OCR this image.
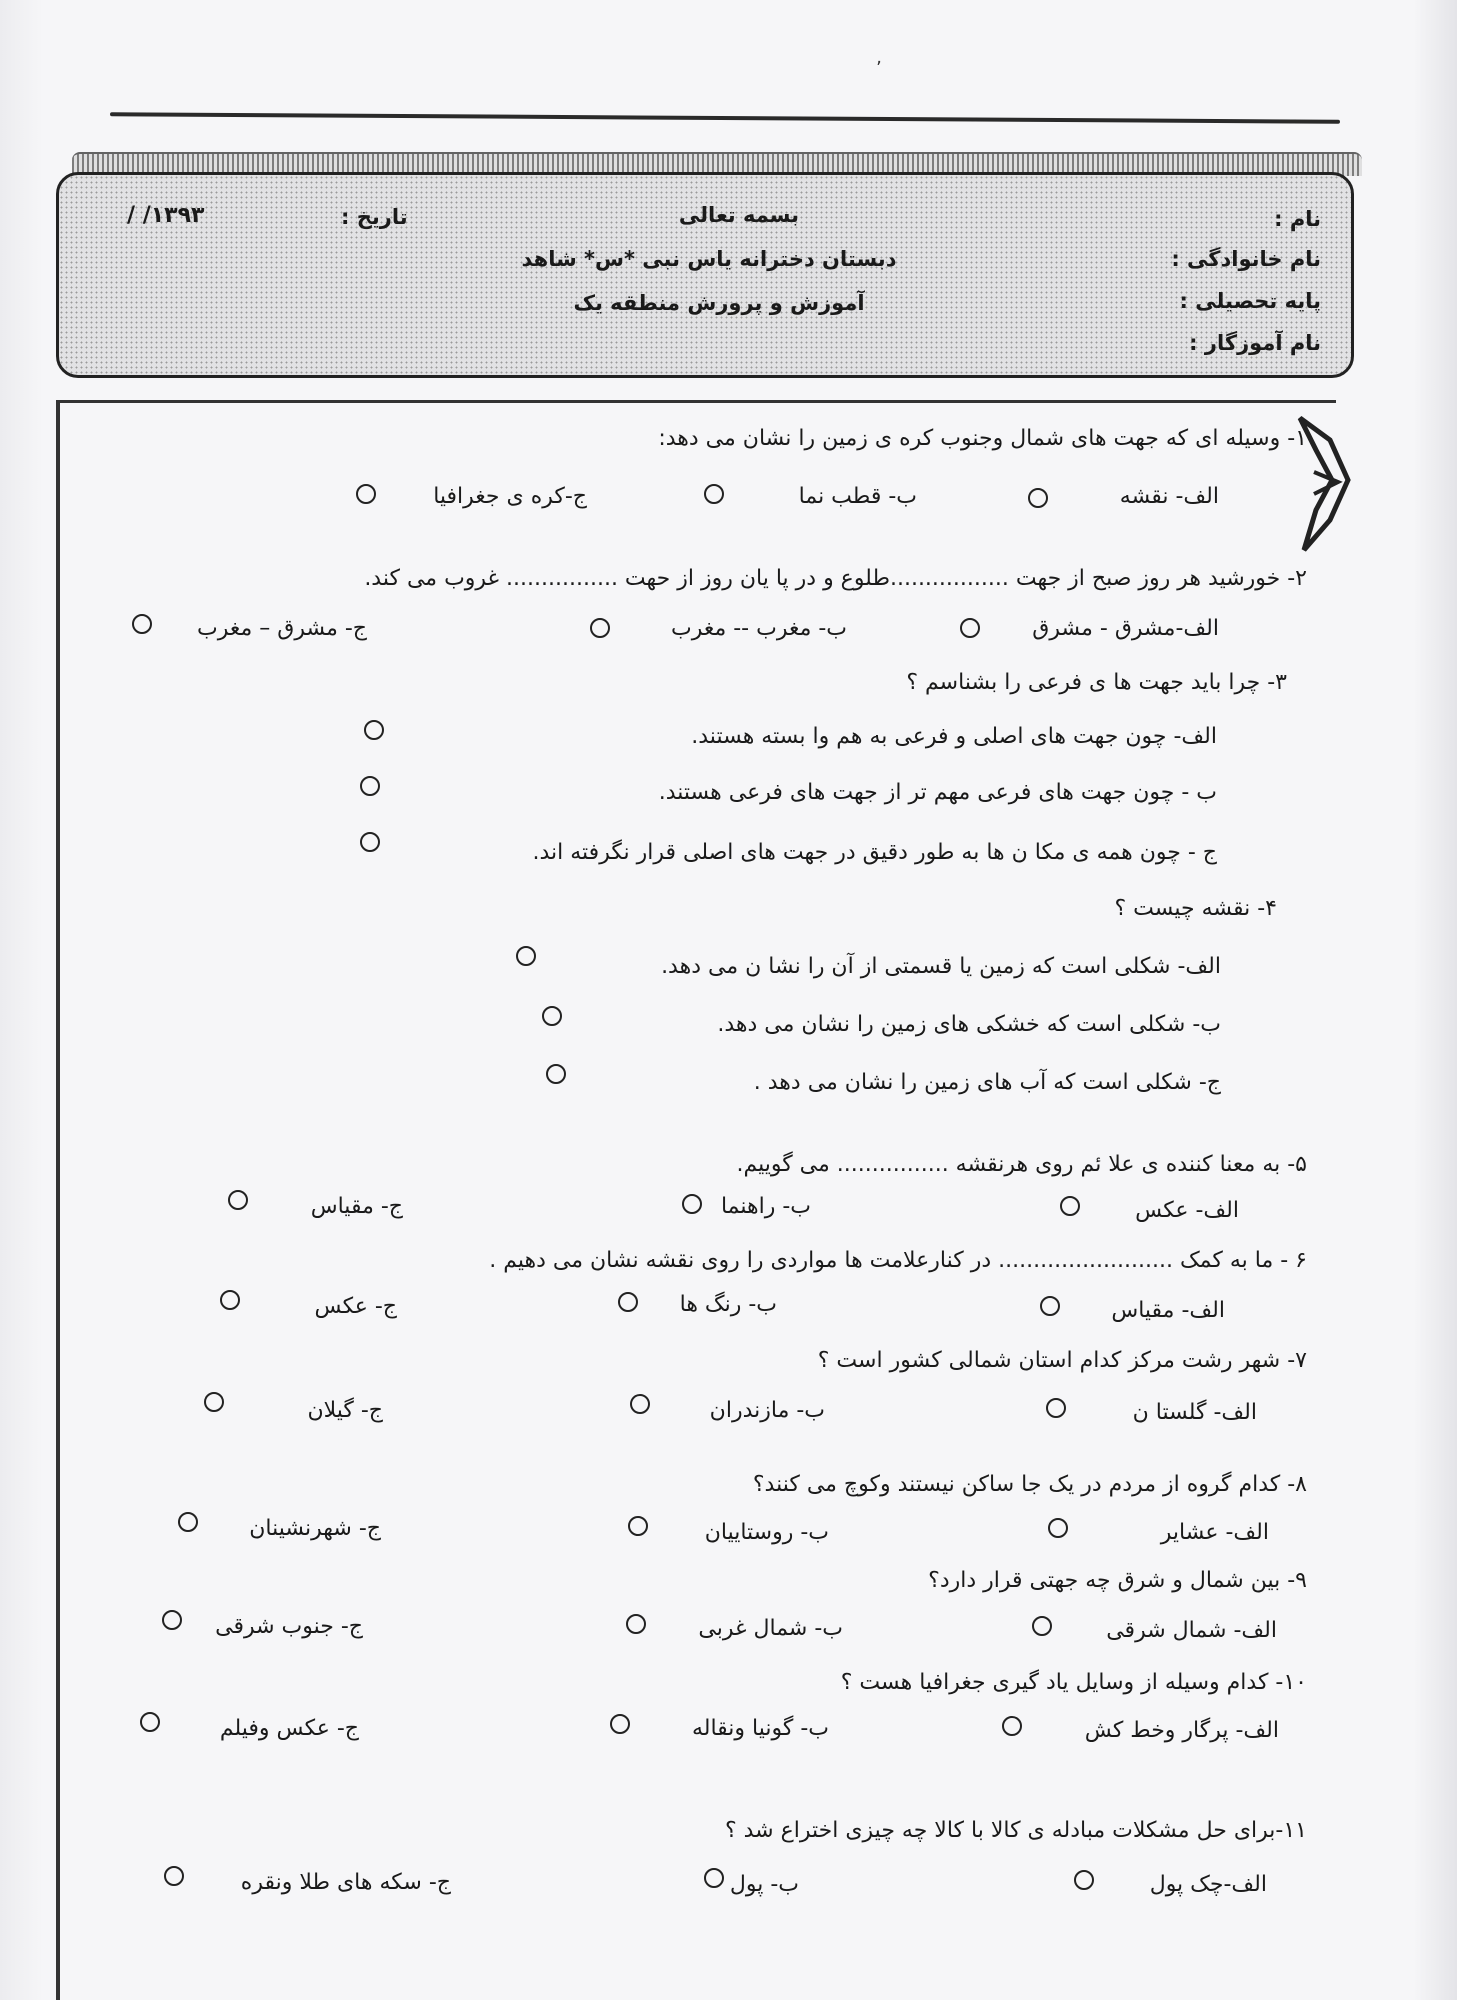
ʼ
نام :
نام خانوادگی :
پایه تحصیلی :
نام آموزگار :
بسمه تعالی
دبستان دخترانه یاس نبی *س* شاهد
آموزش و پرورش منطقه یک
تاریخ :
/ /۱۳۹۳
۱- وسیله ای که جهت های شمال وجنوب کره ی زمین را نشان می دهد:
الف- نقشه
ب- قطب نما
ج-کره ی جغرافیا
۲- خورشید هر روز صبح از جهت .................طلوع و در پا یان روز از حهت ................ غروب می کند.
الف-مشرق - مشرق
ب- مغرب -- مغرب
ج- مشرق – مغرب
۳- چرا باید جهت ها ی فرعی را بشناسم ؟
الف- چون جهت های اصلی و فرعی به هم وا بسته هستند.
ب - چون جهت های فرعی مهم تر از جهت های فرعی هستند.
ج - چون همه ی مکا ن ها به طور دقیق در جهت های اصلی قرار نگرفته اند.
۴- نقشه چیست ؟
الف- شکلی است که زمین یا قسمتی از آن را نشا ن می دهد.
ب- شکلی است که خشکی های زمین را نشان می دهد.
ج- شکلی است که آب های زمین را نشان می دهد .
۵- به معنا کننده ی علا ئم روی هرنقشه ................ می گوییم.
الف- عکس
ب- راهنما
ج- مقیاس
۶ - ما به کمک ......................... در کنارعلامت ها مواردی را روی نقشه نشان می دهیم .
الف- مقیاس
ب- رنگ ها
ج- عکس
۷- شهر رشت مرکز کدام استان شمالی کشور است ؟
الف- گلستا ن
ب- مازندران
ج- گیلان
۸- کدام گروه از مردم در یک جا ساکن نیستند وکوچ می کنند؟
الف- عشایر
ب- روستاییان
ج- شهرنشینان
۹- بین شمال و شرق چه جهتی قرار دارد؟
الف- شمال شرقی
ب- شمال غربی
ج- جنوب شرقی
۱۰- کدام وسیله از وسایل یاد گیری جغرافیا هست ؟
الف- پرگار وخط کش
ب- گونیا ونقاله
ج- عکس وفیلم
۱۱-برای حل مشکلات مبادله ی کالا با کالا چه چیزی اختراع شد ؟
الف-چک پول
ب- پول
ج- سکه های طلا ونقره
